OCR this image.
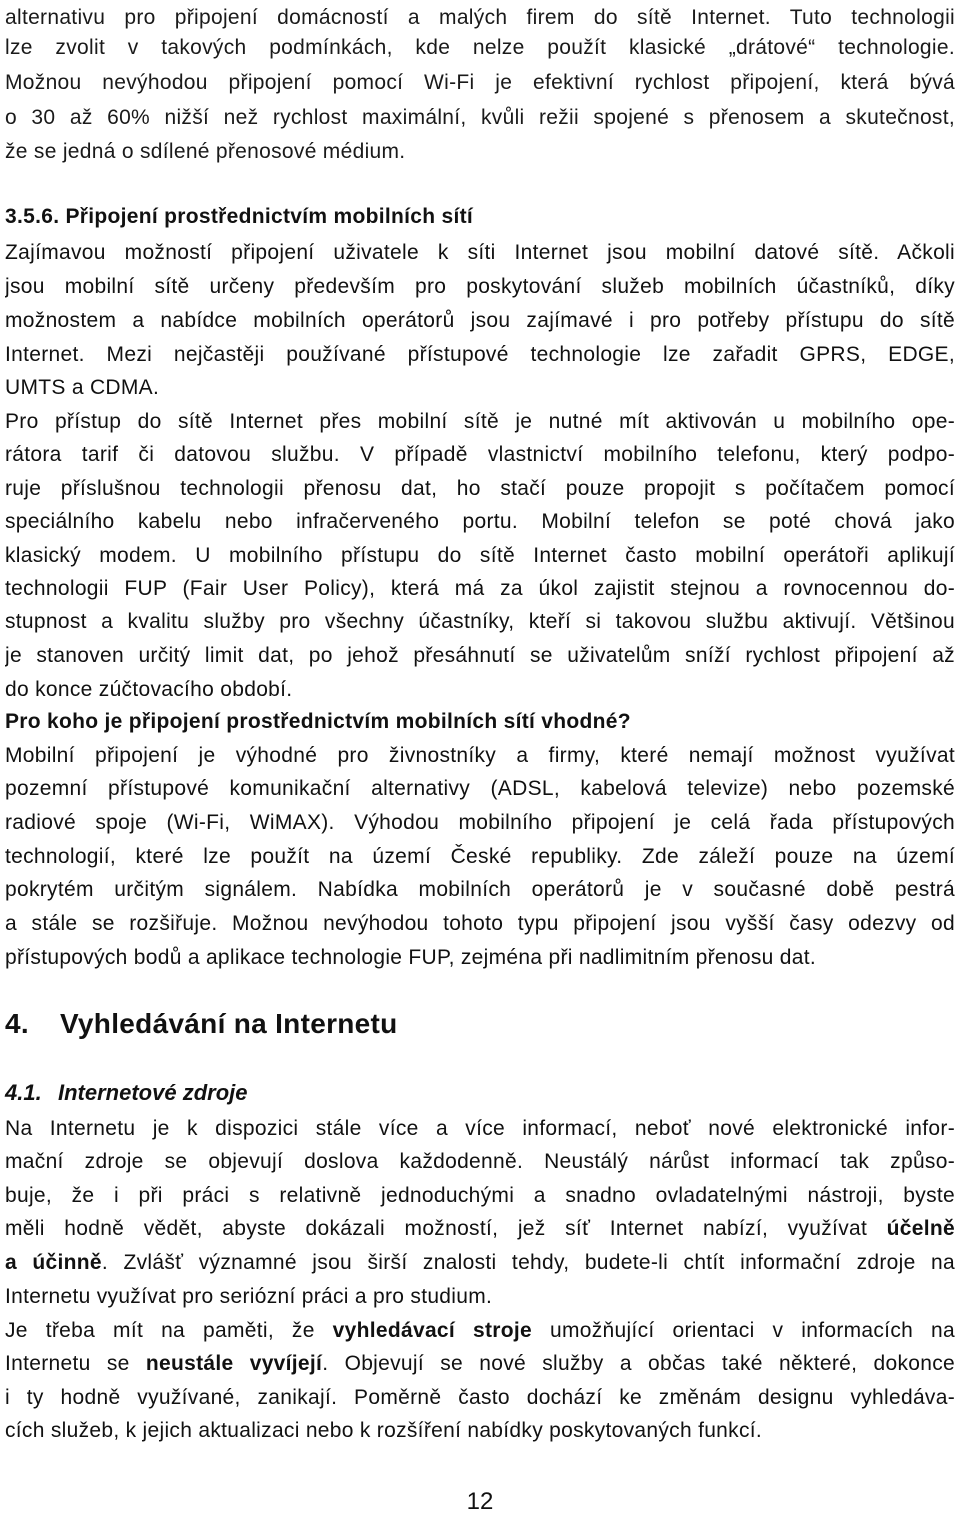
alternativu pro připojení domácností a malých firem do sítě Internet. Tuto technologii
lze zvolit v takových podmínkách, kde nelze použít klasické „drátové“ technologie.
Možnou nevýhodou připojení pomocí Wi-Fi je efektivní rychlost připojení, která bývá
o 30 až 60% nižší než rychlost maximální, kvůli režii spojené s přenosem a skutečnost,
že se jedná o sdílené přenosové médium.
3.5.6. Připojení prostřednictvím mobilních sítí
Zajímavou možností připojení uživatele k síti Internet jsou mobilní datové sítě. Ačkoli
jsou mobilní sítě určeny především pro poskytování služeb mobilních účastníků, díky
možnostem a nabídce mobilních operátorů jsou zajímavé i pro potřeby přístupu do sítě
Internet. Mezi nejčastěji používané přístupové technologie lze zařadit GPRS, EDGE,
UMTS a CDMA.
Pro přístup do sítě Internet přes mobilní sítě je nutné mít aktivován u mobilního ope-
rátora tarif či datovou službu. V případě vlastnictví mobilního telefonu, který podpo-
ruje příslušnou technologii přenosu dat, ho stačí pouze propojit s počítačem pomocí
speciálního kabelu nebo infračerveného portu. Mobilní telefon se poté chová jako
klasický modem. U mobilního přístupu do sítě Internet často mobilní operátoři aplikují
technologii FUP (Fair User Policy), která má za úkol zajistit stejnou a rovnocennou do-
stupnost a kvalitu služby pro všechny účastníky, kteří si takovou službu aktivují. Většinou
je stanoven určitý limit dat, po jehož přesáhnutí se uživatelům sníží rychlost připojení až
do konce zúčtovacího období.
Pro koho je připojení prostřednictvím mobilních sítí vhodné?
Mobilní připojení je výhodné pro živnostníky a firmy, které nemají možnost využívat
pozemní přístupové komunikační alternativy (ADSL, kabelová televize) nebo pozemské
radiové spoje (Wi-Fi, WiMAX). Výhodou mobilního připojení je celá řada přístupových
technologií, které lze použít na území České republiky. Zde záleží pouze na území
pokrytém určitým signálem. Nabídka mobilních operátorů je v současné době pestrá
a stále se rozšiřuje. Možnou nevýhodou tohoto typu připojení jsou vyšší časy odezvy od
přístupových bodů a aplikace technologie FUP, zejména při nadlimitním přenosu dat.
4. Vyhledávání na Internetu
4.1. Internetové zdroje
Na Internetu je k dispozici stále více a více informací, neboť nové elektronické infor-
mační zdroje se objevují doslova každodenně. Neustálý nárůst informací tak způso-
buje, že i při práci s relativně jednoduchými a snadno ovladatelnými nástroji, byste
měli hodně vědět, abyste dokázali možností, jež síť Internet nabízí, využívat účelně
a účinně. Zvlášť významné jsou širší znalosti tehdy, budete-li chtít informační zdroje na
Internetu využívat pro seriózní práci a pro studium.
Je třeba mít na paměti, že vyhledávací stroje umožňující orientaci v informacích na
Internetu se neustále vyvíjejí. Objevují se nové služby a občas také některé, dokonce
i ty hodně využívané, zanikají. Poměrně často dochází ke změnám designu vyhledáva-
cích služeb, k jejich aktualizaci nebo k rozšíření nabídky poskytovaných funkcí.
12
